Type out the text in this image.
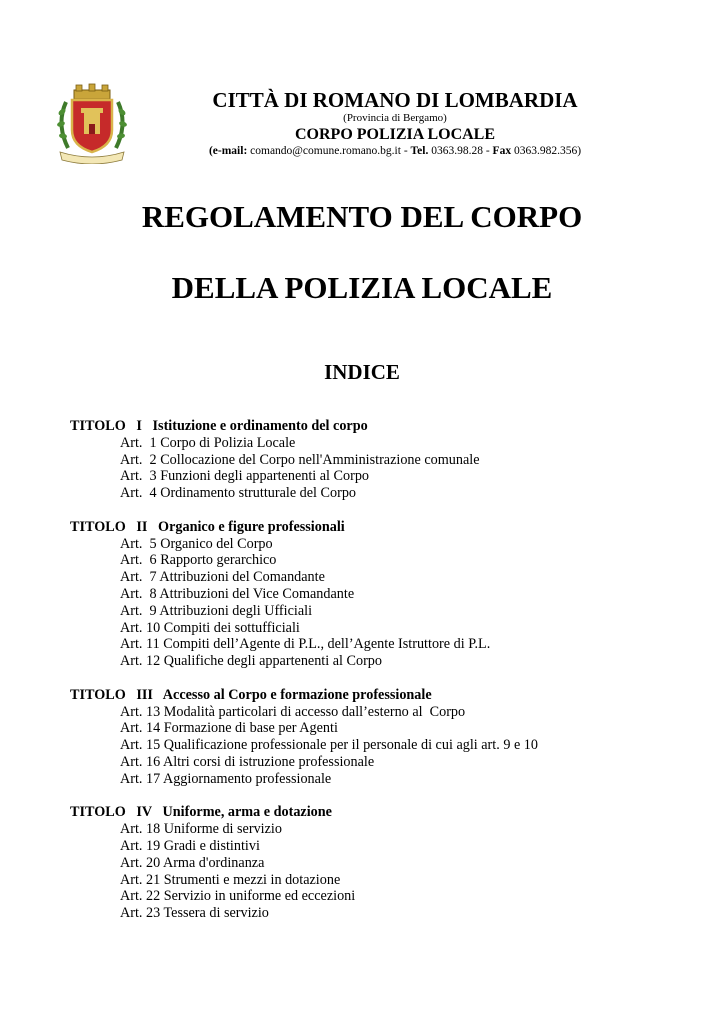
CITTÀ DI ROMANO DI LOMBARDIA
(Provincia di Bergamo)
CORPO POLIZIA LOCALE
(e-mail: comando@comune.romano.bg.it - Tel. 0363.98.28 - Fax 0363.982.356)
REGOLAMENTO DEL CORPO
DELLA POLIZIA LOCALE
INDICE
TITOLO   I   Istituzione e ordinamento del corpo
Art.  1 Corpo di Polizia Locale
Art.  2 Collocazione del Corpo nell'Amministrazione comunale
Art.  3 Funzioni degli appartenenti al Corpo
Art.  4 Ordinamento strutturale del Corpo
TITOLO   II   Organico e figure professionali
Art.  5 Organico del Corpo
Art.  6 Rapporto gerarchico
Art.  7 Attribuzioni del Comandante
Art.  8 Attribuzioni del Vice Comandante
Art.  9 Attribuzioni degli Ufficiali
Art. 10 Compiti dei sottufficiali
Art. 11 Compiti dell’Agente di P.L., dell’Agente Istruttore di P.L.
Art. 12 Qualifiche degli appartenenti al Corpo
TITOLO   III   Accesso al Corpo e formazione professionale
Art. 13 Modalità particolari di accesso dall’esterno al  Corpo
Art. 14 Formazione di base per Agenti
Art. 15 Qualificazione professionale per il personale di cui agli art. 9 e 10
Art. 16 Altri corsi di istruzione professionale
Art. 17 Aggiornamento professionale
TITOLO   IV   Uniforme, arma e dotazione
Art. 18 Uniforme di servizio
Art. 19 Gradi e distintivi
Art. 20 Arma d'ordinanza
Art. 21 Strumenti e mezzi in dotazione
Art. 22 Servizio in uniforme ed eccezioni
Art. 23 Tessera di servizio
